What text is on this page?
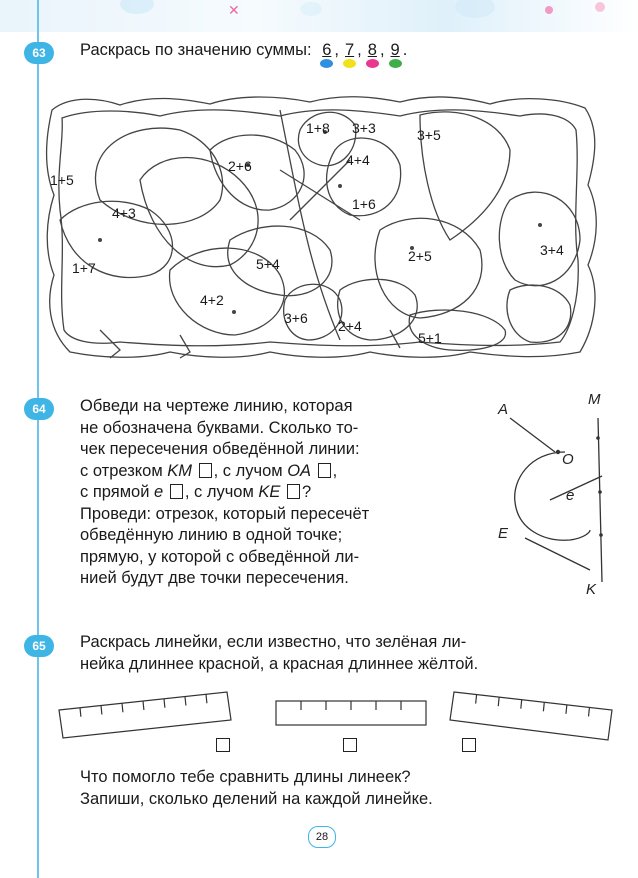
✕
63	Раскрась по значению суммы: 6 , 7 , 8 , 9 .
1+8 3+3	3+5
2+6	4+4
1+5
1+6
4+3
3+4
1+7	5+4	2+5
4+2
3+6 2+4
5+1
64	Обведи на чертеже линию, которая
не обозначена буквами. Сколько то-
чек пересечения обведённой линии:
с отрезком KM , с лучом OA ,
с прямой e , с лучом KE ?
Проведи: отрезок, который пересечёт
обведённую линию в одной точке;
прямую, у которой с обведённой ли-
нией будут две точки пересечения.
A
M
O
e
E
K
65	Раскрась линейки, если известно, что зелёная ли-
нейка длиннее красной, а красная длиннее жёлтой.
Что помогло тебе сравнить длины линеек?
Запиши, сколько делений на каждой линейке.
28
